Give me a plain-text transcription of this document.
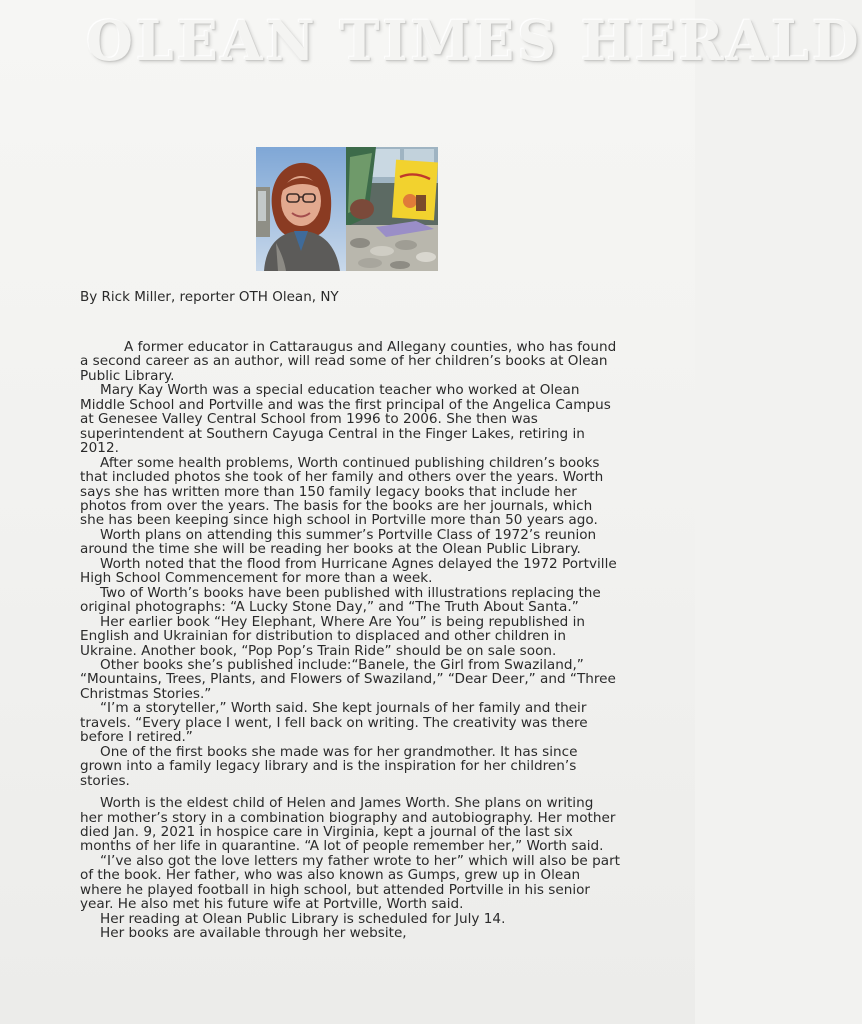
OLEAN TIMES HERALD
By Rick Miller, reporter OTH Olean, NY

A former educator in Cattaraugus and Allegany counties, who has found a second career as an author, will read some of her children’s books at Olean Public Library.

Mary Kay Worth was a special education teacher who worked at Olean Middle School and Portville and was the first principal of the Angelica Campus at Genesee Valley Central School from 1996 to 2006. She then was superintendent at Southern Cayuga Central in the Finger Lakes, retiring in 2012.

After some health problems, Worth continued publishing children’s books that included photos she took of her family and others over the years. Worth says she has written more than 150 family legacy books that include her photos from over the years. The basis for the books are her journals, which she has been keeping since high school in Portville more than 50 years ago.

Worth plans on attending this summer’s Portville Class of 1972’s reunion around the time she will be reading her books at the Olean Public Library.

Worth noted that the flood from Hurricane Agnes delayed the 1972 Portville High School Commencement for more than a week.

Two of Worth’s books have been published with illustrations replacing the original photographs: “A Lucky Stone Day,” and “The Truth About Santa.”

Her earlier book “Hey Elephant, Where Are You” is being republished in English and Ukrainian for distribution to displaced and other children in Ukraine. Another book, “Pop Pop’s Train Ride” should be on sale soon.

Other books she’s published include:“Banele, the Girl from Swaziland,” “Mountains, Trees, Plants, and Flowers of Swaziland,” “Dear Deer,” and “Three Christmas Stories.”

“I’m a storyteller,” Worth said. She kept journals of her family and their travels. “Every place I went, I fell back on writing. The creativity was there before I retired.”

One of the first books she made was for her grandmother. It has since grown into a family legacy library and is the inspiration for her children’s stories.

Worth is the eldest child of Helen and James Worth. She plans on writing her mother’s story in a combination biography and autobiography. Her mother died Jan. 9, 2021 in hospice care in Virginia, kept a journal of the last six months of her life in quarantine. “A lot of people remember her,” Worth said.

“I’ve also got the love letters my father wrote to her” which will also be part of the book. Her father, who was also known as Gumps, grew up in Olean where he played football in high school, but attended Portville in his senior year. He also met his future wife at Portville, Worth said.

Her reading at Olean Public Library is scheduled for July 14.

Her books are available through her website,
